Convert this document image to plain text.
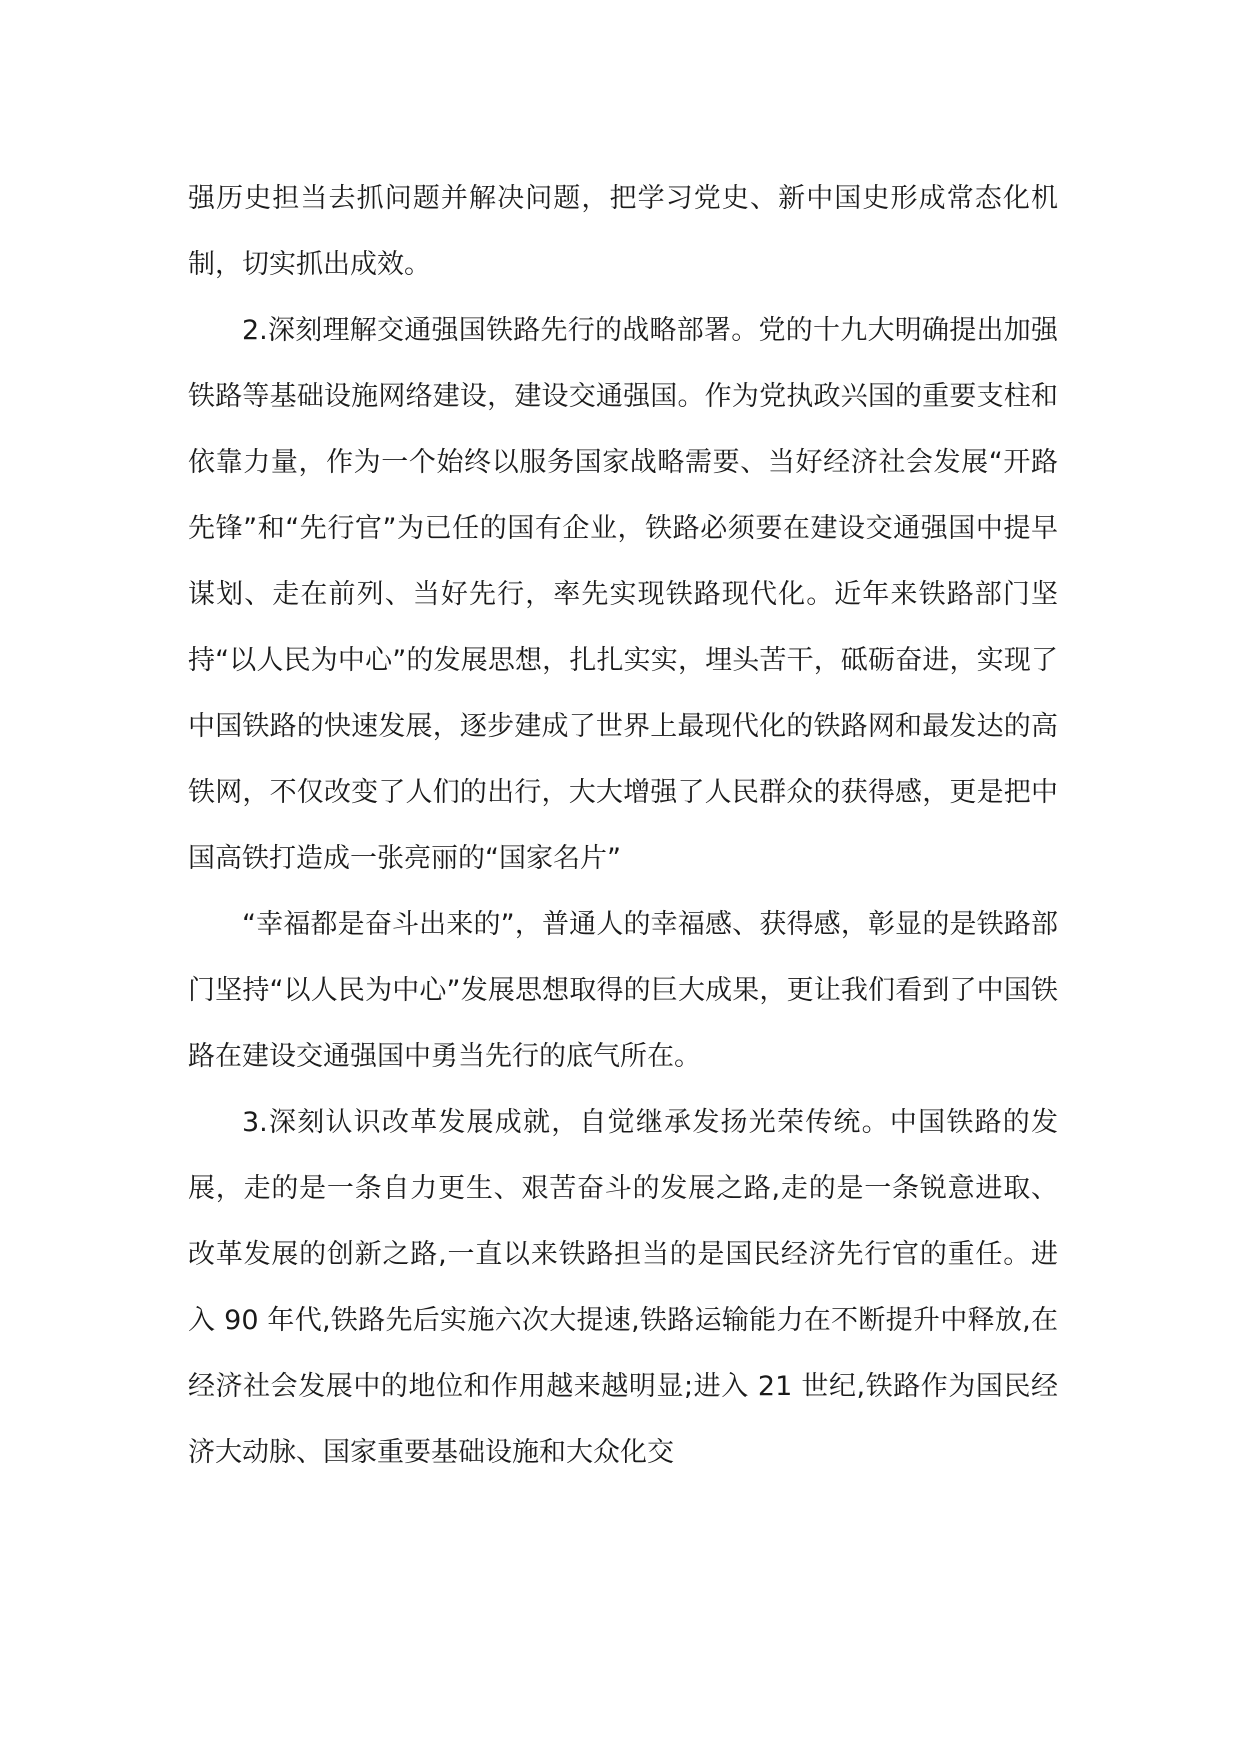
强历史担当去抓问题并解决问题，把学习党史、新中国史形成常态化机制，切实抓出成效。

2.深刻理解交通强国铁路先行的战略部署。党的十九大明确提出加强铁路等基础设施网络建设，建设交通强国。作为党执政兴国的重要支柱和依靠力量，作为一个始终以服务国家战略需要、当好经济社会发展“开路先锋”和“先行官”为已任的国有企业，铁路必须要在建设交通强国中提早谋划、走在前列、当好先行，率先实现铁路现代化。近年来铁路部门坚持“以人民为中心”的发展思想，扎扎实实，埋头苦干，砥砺奋进，实现了中国铁路的快速发展，逐步建成了世界上最现代化的铁路网和最发达的高铁网，不仅改变了人们的出行，大大增强了人民群众的获得感，更是把中国高铁打造成一张亮丽的“国家名片”

“幸福都是奋斗出来的”，普通人的幸福感、获得感，彰显的是铁路部门坚持“以人民为中心”发展思想取得的巨大成果，更让我们看到了中国铁路在建设交通强国中勇当先行的底气所在。

3.深刻认识改革发展成就，自觉继承发扬光荣传统。中国铁路的发展，走的是一条自力更生、艰苦奋斗的发展之路,走的是一条锐意进取、改革发展的创新之路,一直以来铁路担当的是国民经济先行官的重任。进入 90 年代,铁路先后实施六次大提速,铁路运输能力在不断提升中释放,在经济社会发展中的地位和作用越来越明显;进入 21 世纪,铁路作为国民经济大动脉、国家重要基础设施和大众化交
